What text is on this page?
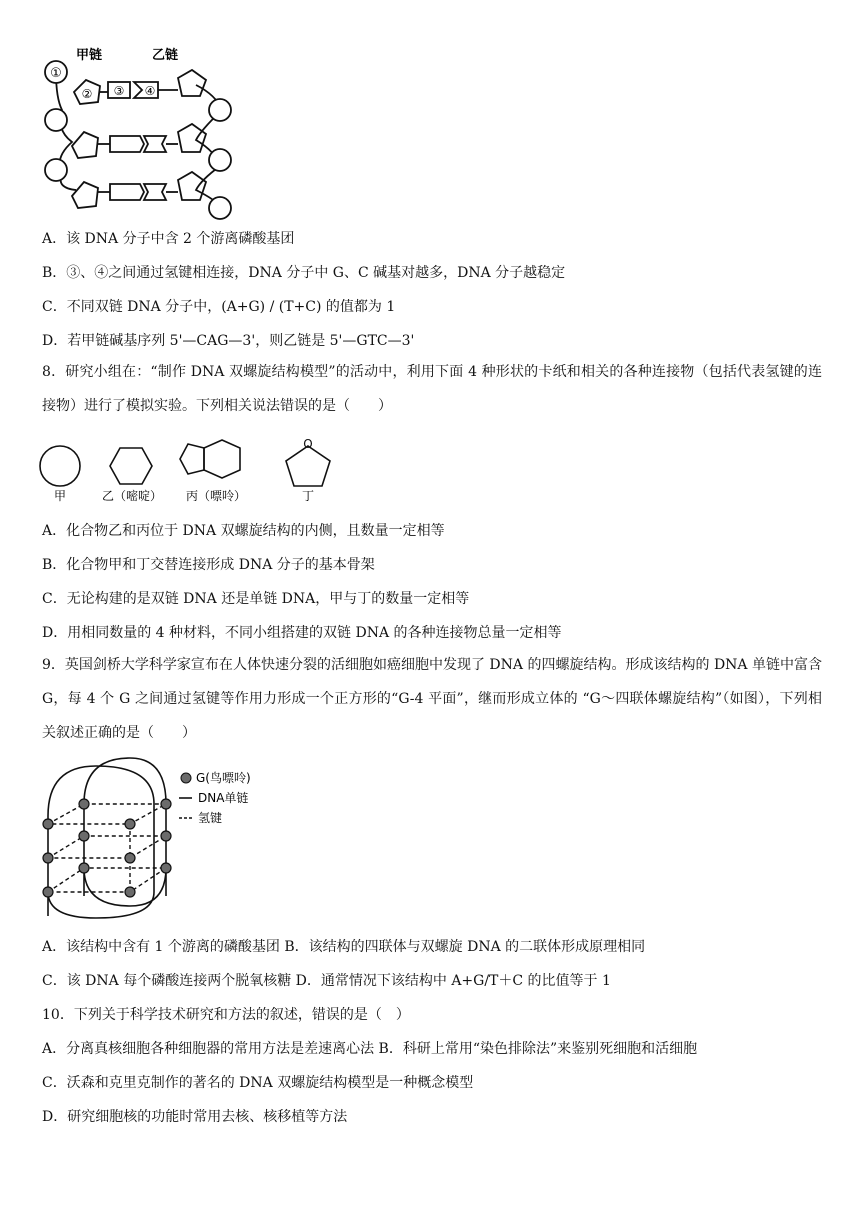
甲链	乙链
①
② ③ ④
A．该 DNA 分子中含 2 个游离磷酸基团
B．③、④之间通过氢键相连接，DNA 分子中 G、C 碱基对越多，DNA 分子越稳定
C．不同双链 DNA 分子中，(A+G) / (T+C) 的值都为 1
D．若甲链碱基序列 5'—CAG—3'，则乙链是 5'—GTC—3'
8．研究小组在：“制作 DNA 双螺旋结构模型”的活动中，利用下面 4 种形状的卡纸和相关的各种连接物（包括代表氢键的连接物）进行了模拟实验。下列相关说法错误的是（　　）
O
甲	乙（嘧啶） 丙（嘌呤）	丁
A．化合物乙和丙位于 DNA 双螺旋结构的内侧，且数量一定相等
B．化合物甲和丁交替连接形成 DNA 分子的基本骨架
C．无论构建的是双链 DNA 还是单链 DNA，甲与丁的数量一定相等
D．用相同数量的 4 种材料，不同小组搭建的双链 DNA 的各种连接物总量一定相等
9．英国剑桥大学科学家宣布在人体快速分裂的活细胞如癌细胞中发现了 DNA 的四螺旋结构。形成该结构的 DNA 单链中富含 G，每 4 个 G 之间通过氢键等作用力形成一个正方形的“G-4 平面”，继而形成立体的 “G～四联体螺旋结构”（如图），下列相关叙述正确的是（　　）
G(鸟嘌呤)
DNA单链
氢键
A．该结构中含有 1 个游离的磷酸基团 B．该结构的四联体与双螺旋 DNA 的二联体形成原理相同
C．该 DNA 每个磷酸连接两个脱氧核糖 D．通常情况下该结构中 A+G/T＋C 的比值等于 1
10．下列关于科学技术研究和方法的叙述，错误的是（　）
A．分离真核细胞各种细胞器的常用方法是差速离心法 B．科研上常用“染色排除法”来鉴别死细胞和活细胞
C．沃森和克里克制作的著名的 DNA 双螺旋结构模型是一种概念模型
D．研究细胞核的功能时常用去核、核移植等方法
